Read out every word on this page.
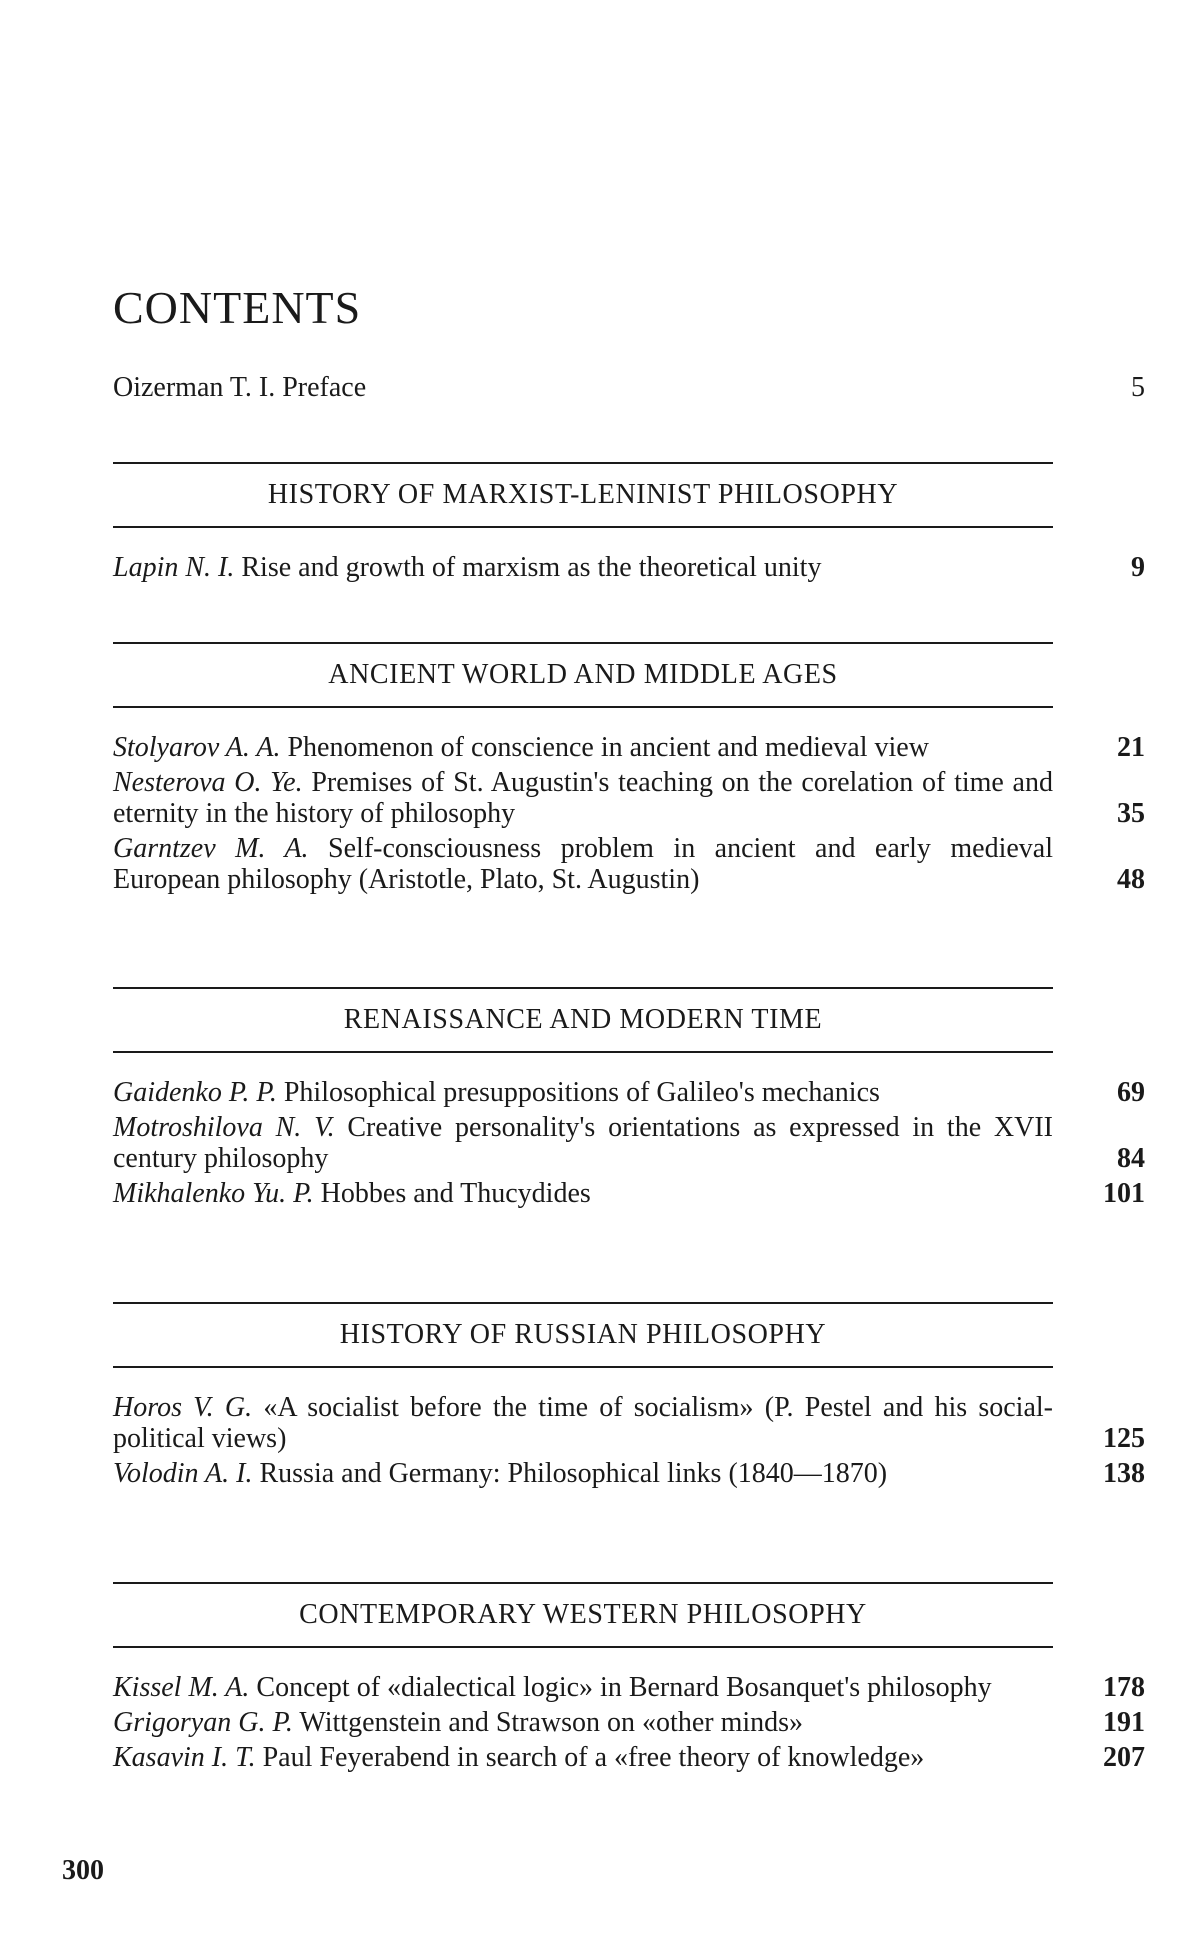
CONTENTS
Oizerman T. I. Preface	5
HISTORY OF MARXIST-LENINIST PHILOSOPHY
Lapin N. I. Rise and growth of marxism as the theoretical unity	9
ANCIENT WORLD AND MIDDLE AGES
Stolyarov A. A. Phenomenon of conscience in ancient and medieval view	21
Nesterova O. Ye. Premises of St. Augustin's teaching on the corelation of time and eternity in the history of philosophy	35
Garntzev M. A. Self-consciousness problem in ancient and early medieval European philosophy (Aristotle, Plato, St. Augustin)	48
RENAISSANCE AND MODERN TIME
Gaidenko P. P. Philosophical presuppositions of Galileo's mechanics	69
Motroshilova N. V. Creative personality's orientations as expressed in the XVII century philosophy	84
Mikhalenko Yu. P. Hobbes and Thucydides	101
HISTORY OF RUSSIAN PHILOSOPHY
Horos V. G. «A socialist before the time of socialism» (P. Pestel and his social-political views)	125
Volodin A. I. Russia and Germany: Philosophical links (1840—1870)	138
CONTEMPORARY WESTERN PHILOSOPHY
Kissel M. A. Concept of «dialectical logic» in Bernard Bosanquet's philosophy	178
Grigoryan G. P. Wittgenstein and Strawson on «other minds»	191
Kasavin I. T. Paul Feyerabend in search of a «free theory of knowledge»	207
300
